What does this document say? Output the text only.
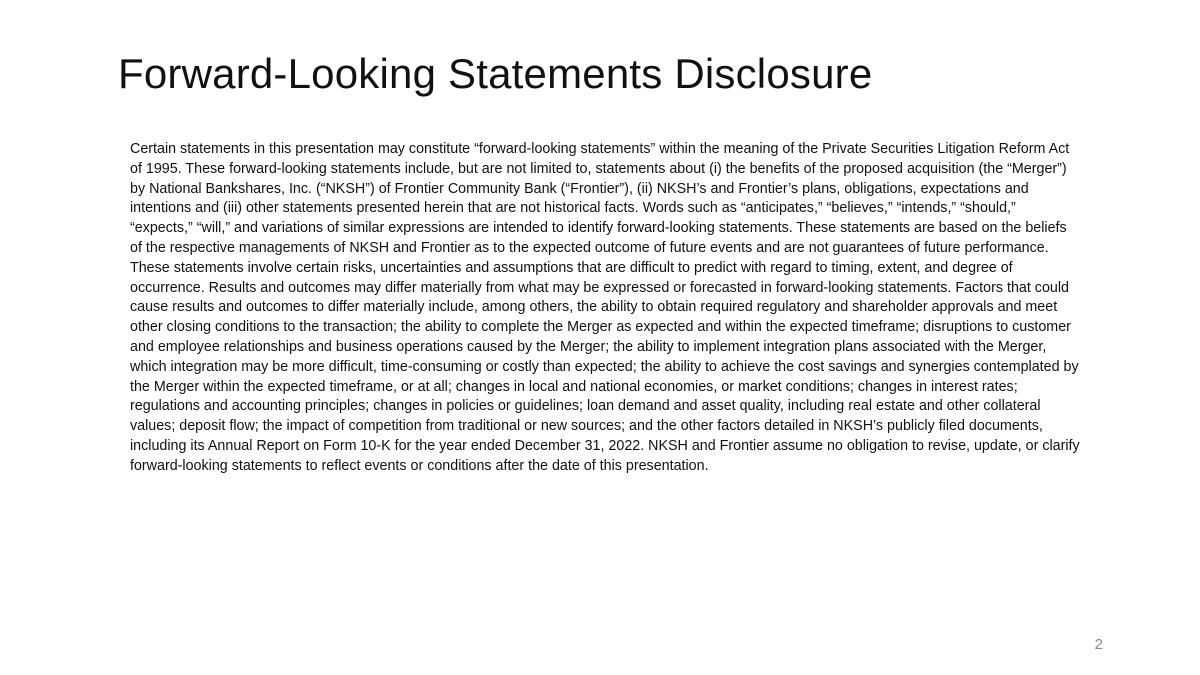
Forward-Looking Statements Disclosure

Certain statements in this presentation may constitute “forward-looking statements” within the meaning of the Private Securities Litigation Reform Act of 1995. These forward-looking statements include, but are not limited to, statements about (i) the benefits of the proposed acquisition (the “Merger”) by National Bankshares, Inc. (“NKSH”) of Frontier Community Bank (“Frontier”), (ii) NKSH’s and Frontier’s plans, obligations, expectations and intentions and (iii) other statements presented herein that are not historical facts. Words such as “anticipates,” “believes,” “intends,” “should,” “expects,” “will,” and variations of similar expressions are intended to identify forward-looking statements. These statements are based on the beliefs of the respective managements of NKSH and Frontier as to the expected outcome of future events and are not guarantees of future performance. These statements involve certain risks, uncertainties and assumptions that are difficult to predict with regard to timing, extent, and degree of occurrence. Results and outcomes may differ materially from what may be expressed or forecasted in forward-looking statements. Factors that could cause results and outcomes to differ materially include, among others, the ability to obtain required regulatory and shareholder approvals and meet other closing conditions to the transaction; the ability to complete the Merger as expected and within the expected timeframe; disruptions to customer and employee relationships and business operations caused by the Merger; the ability to implement integration plans associated with the Merger, which integration may be more difficult, time-consuming or costly than expected; the ability to achieve the cost savings and synergies contemplated by the Merger within the expected timeframe, or at all; changes in local and national economies, or market conditions; changes in interest rates; regulations and accounting principles; changes in policies or guidelines; loan demand and asset quality, including real estate and other collateral values; deposit flow; the impact of competition from traditional or new sources; and the other factors detailed in NKSH’s publicly filed documents, including its Annual Report on Form 10-K for the year ended December 31, 2022. NKSH and Frontier assume no obligation to revise, update, or clarify forward-looking statements to reflect events or conditions after the date of this presentation.

2
